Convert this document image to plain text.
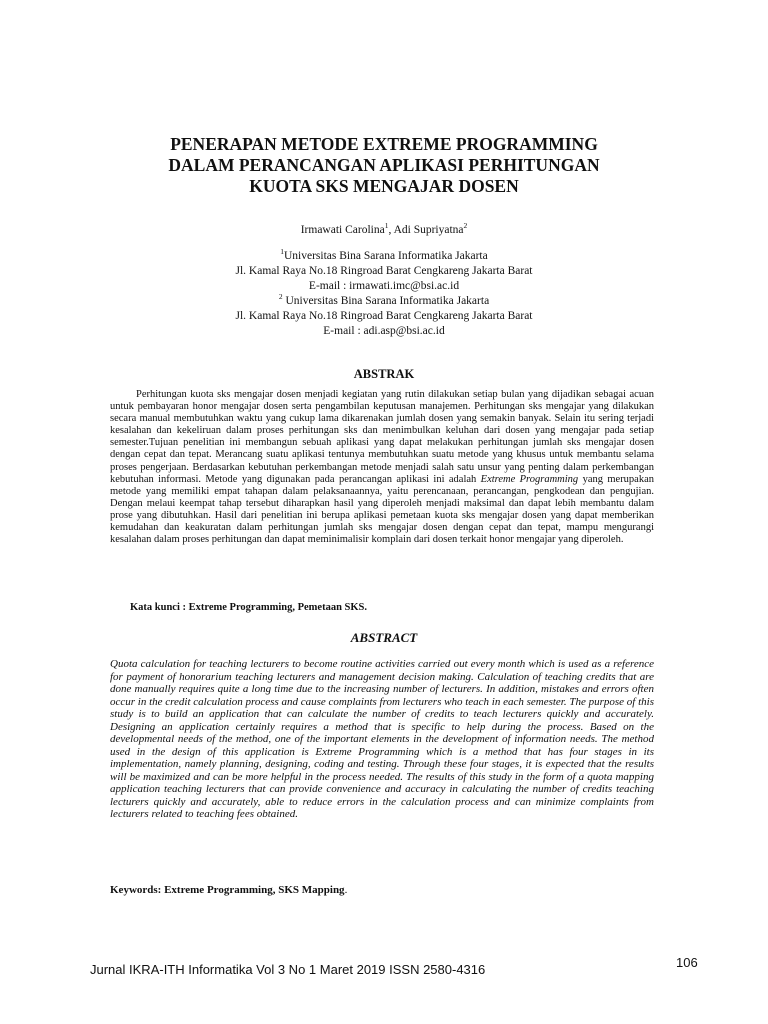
PENERAPAN METODE EXTREME PROGRAMMING
DALAM PERANCANGAN APLIKASI PERHITUNGAN
KUOTA SKS MENGAJAR DOSEN
Irmawati Carolina$^1$, Adi Supriyatna$^2$
$^1$Universitas Bina Sarana Informatika Jakarta
Jl. Kamal Raya No.18 Ringroad Barat Cengkareng Jakarta Barat
E-mail : irmawati.imc@bsi.ac.id
$^2$ Universitas Bina Sarana Informatika Jakarta
Jl. Kamal Raya No.18 Ringroad Barat Cengkareng Jakarta Barat
E-mail : adi.asp@bsi.ac.id
ABSTRAK

Perhitungan kuota sks mengajar dosen menjadi kegiatan yang rutin dilakukan setiap bulan yang dijadikan sebagai acuan untuk pembayaran honor mengajar dosen serta pengambilan keputusan manajemen. Perhitungan sks mengajar yang dilakukan secara manual membutuhkan waktu yang cukup lama dikarenakan jumlah dosen yang semakin banyak. Selain itu sering terjadi kesalahan dan kekeliruan dalam proses perhitungan sks dan menimbulkan keluhan dari dosen yang mengajar pada setiap semester.Tujuan penelitian ini membangun sebuah aplikasi yang dapat melakukan perhitungan jumlah sks mengajar dosen dengan cepat dan tepat. Merancang suatu aplikasi tentunya membutuhkan suatu metode yang khusus untuk membantu selama proses pengerjaan. Berdasarkan kebutuhan perkembangan metode menjadi salah satu unsur yang penting dalam perkembangan kebutuhan informasi. Metode yang digunakan pada perancangan aplikasi ini adalah Extreme Programming yang merupakan metode yang memiliki empat tahapan dalam pelaksanaannya, yaitu perencanaan, perancangan, pengkodean dan pengujian. Dengan melaui keempat tahap tersebut diharapkan hasil yang diperoleh menjadi maksimal dan dapat lebih membantu dalam prose yang dibutuhkan. Hasil dari penelitian ini berupa aplikasi pemetaan kuota sks mengajar dosen yang dapat memberikan kemudahan dan keakuratan dalam perhitungan jumlah sks mengajar dosen dengan cepat dan tepat, mampu mengurangi kesalahan dalam proses perhitungan dan dapat meminimalisir komplain dari dosen terkait honor mengajar yang diperoleh.

Kata kunci : Extreme Programming, Pemetaan SKS.
ABSTRACT

Quota calculation for teaching lecturers to become routine activities carried out every month which is used as a reference for payment of honorarium teaching lecturers and management decision making. Calculation of teaching credits that are done manually requires quite a long time due to the increasing number of lecturers. In addition, mistakes and errors often occur in the credit calculation process and cause complaints from lecturers who teach in each semester. The purpose of this study is to build an application that can calculate the number of credits to teach lecturers quickly and accurately. Designing an application certainly requires a method that is specific to help during the process. Based on the developmental needs of the method, one of the important elements in the development of information needs. The method used in the design of this application is Extreme Programming which is a method that has four stages in its implementation, namely planning, designing, coding and testing. Through these four stages, it is expected that the results will be maximized and can be more helpful in the process needed. The results of this study in the form of a quota mapping application teaching lecturers that can provide convenience and accuracy in calculating the number of credits teaching lecturers quickly and accurately, able to reduce errors in the calculation process and can minimize complaints from lecturers related to teaching fees obtained.

Keywords: Extreme Programming, SKS Mapping.
Jurnal IKRA-ITH Informatika Vol 3 No 1 Maret 2019 ISSN 2580-4316	106
